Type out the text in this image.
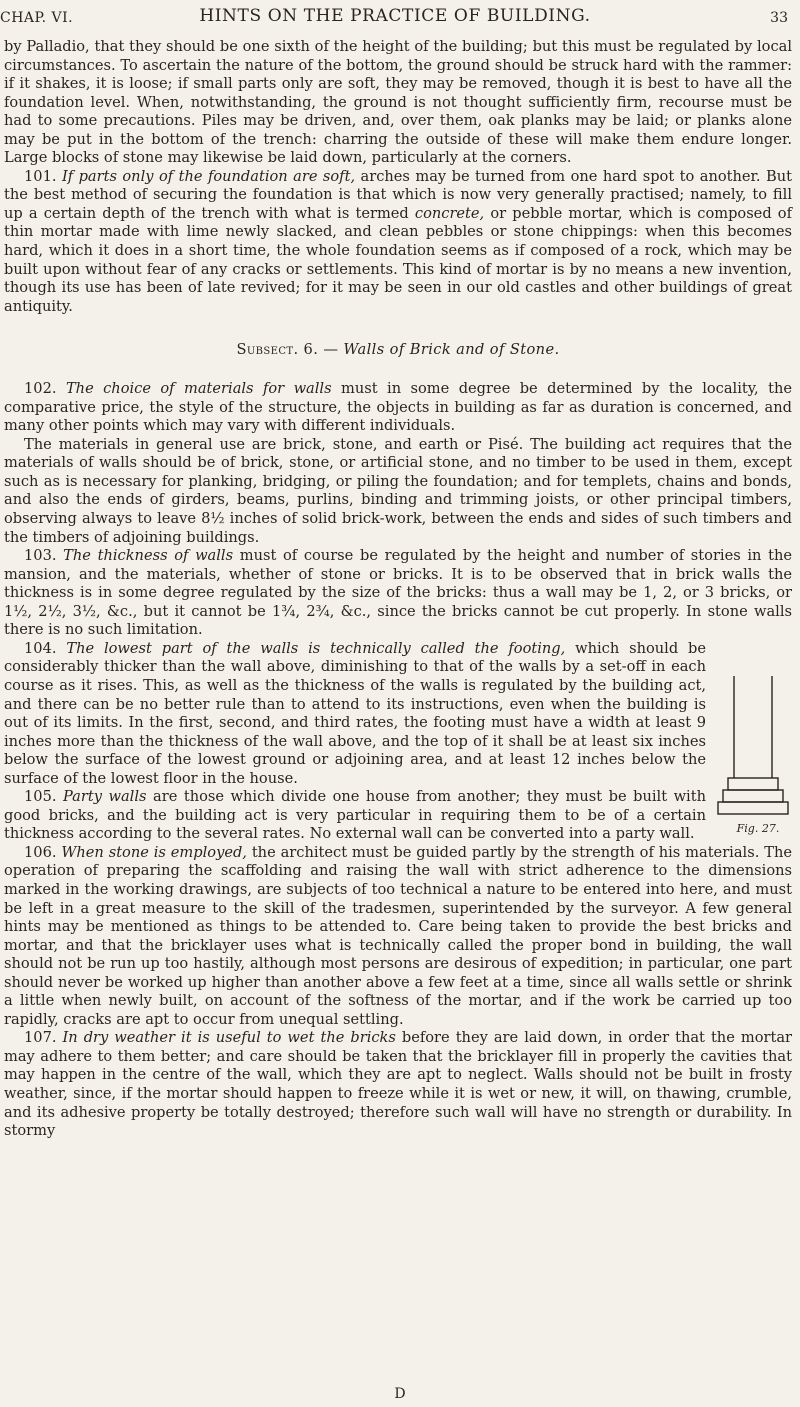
CHAP. VI.	HINTS ON THE PRACTICE OF BUILDING.	33

by Palladio, that they should be one sixth of the height of the building; but this must be regulated by local circumstances. To ascertain the nature of the bottom, the ground should be struck hard with the rammer: if it shakes, it is loose; if small parts only are soft, they may be removed, though it is best to have all the foundation level. When, notwithstanding, the ground is not thought sufficiently firm, recourse must be had to some precautions. Piles may be driven, and, over them, oak planks may be laid; or planks alone may be put in the bottom of the trench: charring the outside of these will make them endure longer. Large blocks of stone may likewise be laid down, particularly at the corners.

101. If parts only of the foundation are soft, arches may be turned from one hard spot to another. But the best method of securing the foundation is that which is now very generally practised; namely, to fill up a certain depth of the trench with what is termed concrete, or pebble mortar, which is composed of thin mortar made with lime newly slacked, and clean pebbles or stone chippings: when this becomes hard, which it does in a short time, the whole foundation seems as if composed of a rock, which may be built upon without fear of any cracks or settlements. This kind of mortar is by no means a new invention, though its use has been of late revived; for it may be seen in our old castles and other buildings of great antiquity.

Subsect. 6. — Walls of Brick and of Stone.

102. The choice of materials for walls must in some degree be determined by the locality, the comparative price, the style of the structure, the objects in building as far as duration is concerned, and many other points which may vary with different individuals.

The materials in general use are brick, stone, and earth or Pisé. The building act requires that the materials of walls should be of brick, stone, or artificial stone, and no timber to be used in them, except such as is necessary for planking, bridging, or piling the foundation; and for templets, chains and bonds, and also the ends of girders, beams, purlins, binding and trimming joists, or other principal timbers, observing always to leave 8½ inches of solid brick-work, between the ends and sides of such timbers and the timbers of adjoining buildings.

103. The thickness of walls must of course be regulated by the height and number of stories in the mansion, and the materials, whether of stone or bricks. It is to be observed that in brick walls the thickness is in some degree regulated by the size of the bricks: thus a wall may be 1, 2, or 3 bricks, or 1½, 2½, 3½, &c., but it cannot be 1¾, 2¾, &c., since the bricks cannot be cut properly. In stone walls there is no such limitation.

Fig. 27.

104. The lowest part of the walls is technically called the footing, which should be considerably thicker than the wall above, diminishing to that of the walls by a set-off in each course as it rises. This, as well as the thickness of the walls is regulated by the building act, and there can be no better rule than to attend to its instructions, even when the building is out of its limits. In the first, second, and third rates, the footing must have a width at least 9 inches more than the thickness of the wall above, and the top of it shall be at least six inches below the surface of the lowest ground or adjoining area, and at least 12 inches below the surface of the lowest floor in the house.

105. Party walls are those which divide one house from another; they must be built with good bricks, and the building act is very particular in requiring them to be of a certain thickness according to the several rates. No external wall can be converted into a party wall.

106. When stone is employed, the architect must be guided partly by the strength of his materials. The operation of preparing the scaffolding and raising the wall with strict adherence to the dimensions marked in the working drawings, are subjects of too technical a nature to be entered into here, and must be left in a great measure to the skill of the tradesmen, superintended by the surveyor. A few general hints may be mentioned as things to be attended to. Care being taken to provide the best bricks and mortar, and that the bricklayer uses what is technically called the proper bond in building, the wall should not be run up too hastily, although most persons are desirous of expedition; in particular, one part should never be worked up higher than another above a few feet at a time, since all walls settle or shrink a little when newly built, on account of the softness of the mortar, and if the work be carried up too rapidly, cracks are apt to occur from unequal settling.

107. In dry weather it is useful to wet the bricks before they are laid down, in order that the mortar may adhere to them better; and care should be taken that the bricklayer fill in properly the cavities that may happen in the centre of the wall, which they are apt to neglect. Walls should not be built in frosty weather, since, if the mortar should happen to freeze while it is wet or new, it will, on thawing, crumble, and its adhesive property be totally destroyed; therefore such wall will have no strength or durability. In stormy

D
